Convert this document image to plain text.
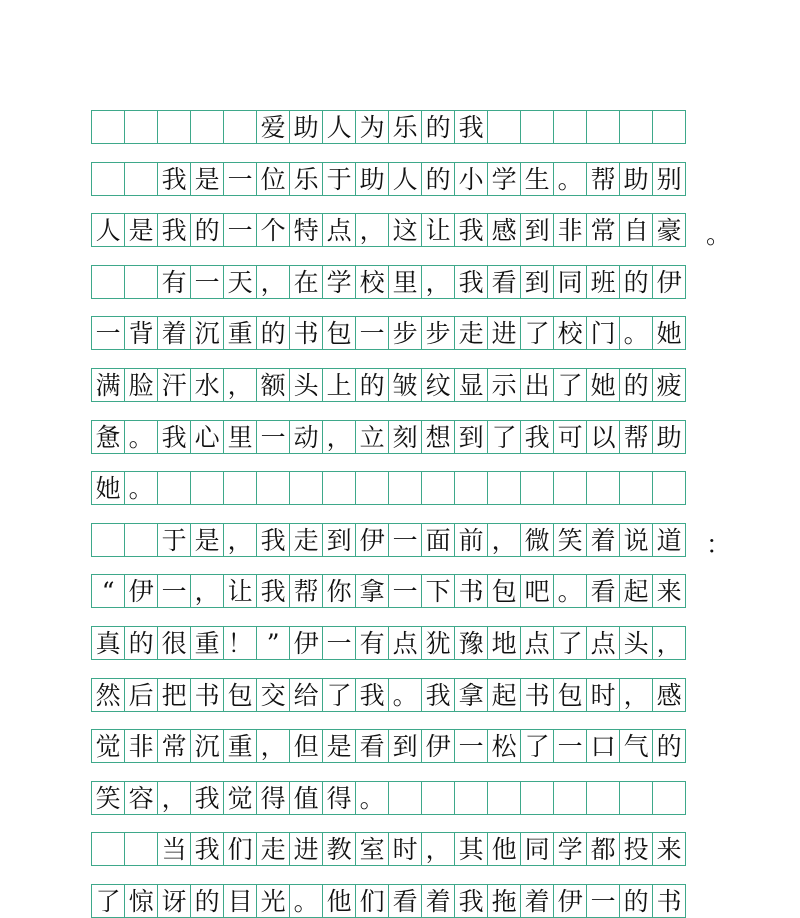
爱 助 人 为 乐 的 我
我 是 一 位 乐 于 助 人 的 小 学 生 。 帮 助 别
人 是 我 的 一 个 特 点 ， 这 让 我 感 到 非 常 自 豪 。
有 一 天 ， 在 学 校 里 ， 我 看 到 同 班 的 伊
一 背 着 沉 重 的 书 包 一 步 步 走 进 了 校 门 。 她
满 脸 汗 水 ， 额 头 上 的 皱 纹 显 示 出 了 她 的 疲
惫 。 我 心 里 一 动 ， 立 刻 想 到 了 我 可 以 帮 助
她 。
于 是 ， 我 走 到 伊 一 面 前 ， 微 笑 着 说 道 ：
“ 伊 一 ， 让 我 帮 你 拿 一 下 书 包 吧 。 看 起 来
真 的 很 重 ！ ” 伊 一 有 点 犹 豫 地 点 了 点 头 ，
然 后 把 书 包 交 给 了 我 。 我 拿 起 书 包 时 ， 感
觉 非 常 沉 重 ， 但 是 看 到 伊 一 松 了 一 口 气 的
笑 容 ， 我 觉 得 值 得 。
当 我 们 走 进 教 室 时 ， 其 他 同 学 都 投 来
了 惊 讶 的 目 光 。 他 们 看 着 我 拖 着 伊 一 的 书
